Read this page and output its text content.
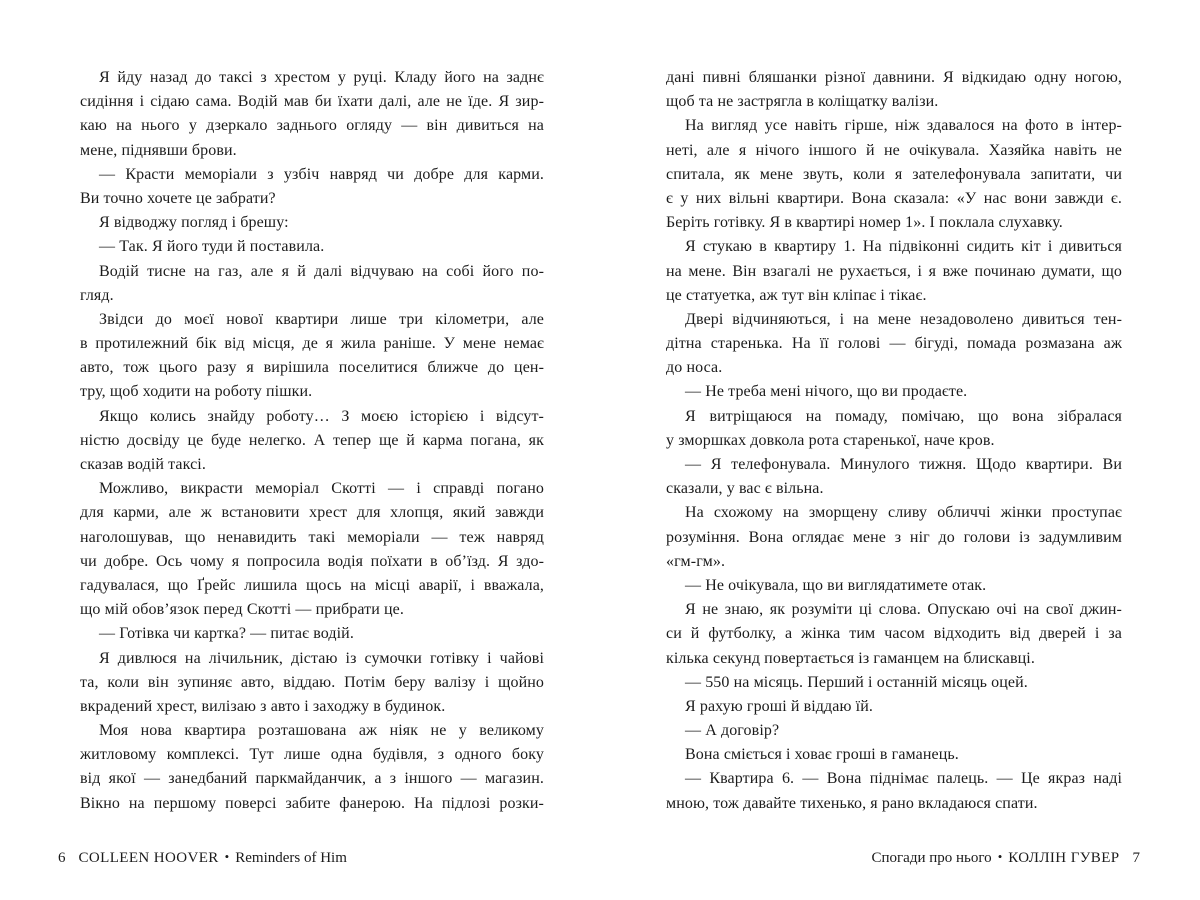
Я йду назад до таксі з хрестом у руці. Кладу його на заднє
сидіння і сідаю сама. Водій мав би їхати далі, але не їде. Я зир-
каю на нього у дзеркало заднього огляду — він дивиться на
мене, піднявши брови.
— Красти меморіали з узбіч навряд чи добре для карми.
Ви точно хочете це забрати?
Я відводжу погляд і брешу:
— Так. Я його туди й поставила.
Водій тисне на газ, але я й далі відчуваю на собі його по-
гляд.
Звідси до моєї нової квартири лише три кілометри, але
в протилежний бік від місця, де я жила раніше. У мене немає
авто, тож цього разу я вирішила поселитися ближче до цен-
тру, щоб ходити на роботу пішки.
Якщо колись знайду роботу… З моєю історією і відсут-
ністю досвіду це буде нелегко. А тепер ще й карма погана, як
сказав водій таксі.
Можливо, викрасти меморіал Скотті — і справді погано
для карми, але ж встановити хрест для хлопця, який завжди
наголошував, що ненавидить такі меморіали — теж навряд
чи добре. Ось чому я попросила водія поїхати в об’їзд. Я здо-
гадувалася, що Ґрейс лишила щось на місці аварії, і вважала,
що мій обов’язок перед Скотті — прибрати це.
— Готівка чи картка? — питає водій.
Я дивлюся на лічильник, дістаю із сумочки готівку і чайові
та, коли він зупиняє авто, віддаю. Потім беру валізу і щойно
вкрадений хрест, вилізаю з авто і заходжу в будинок.
Моя нова квартира розташована аж ніяк не у великому
житловому комплексі. Тут лише одна будівля, з одного боку
від якої — занедбаний паркмайданчик, а з іншого — магазин.
Вікно на першому поверсі забите фанерою. На підлозі розки-
дані пивні бляшанки різної давнини. Я відкидаю одну ногою,
щоб та не застрягла в коліщатку валізи.
На вигляд усе навіть гірше, ніж здавалося на фото в інтер-
неті, але я нічого іншого й не очікувала. Хазяйка навіть не
спитала, як мене звуть, коли я зателефонувала запитати, чи
є у них вільні квартири. Вона сказала: «У нас вони завжди є.
Беріть готівку. Я в квартирі номер 1». І поклала слухавку.
Я стукаю в квартиру 1. На підвіконні сидить кіт і дивиться
на мене. Він взагалі не рухається, і я вже починаю думати, що
це статуетка, аж тут він кліпає і тікає.
Двері відчиняються, і на мене незадоволено дивиться тен-
дітна старенька. На її голові — бігуді, помада розмазана аж
до носа.
— Не треба мені нічого, що ви продаєте.
Я витріщаюся на помаду, помічаю, що вона зібралася
у зморшках довкола рота старенької, наче кров.
— Я телефонувала. Минулого тижня. Щодо квартири. Ви
сказали, у вас є вільна.
На схожому на зморщену сливу обличчі жінки проступає
розуміння. Вона оглядає мене з ніг до голови із задумливим
«гм-гм».
— Не очікувала, що ви виглядатимете отак.
Я не знаю, як розуміти ці слова. Опускаю очі на свої джин-
си й футболку, а жінка тим часом відходить від дверей і за
кілька секунд повертається із гаманцем на блискавці.
— 550 на місяць. Перший і останній місяць оцей.
Я рахую гроші й віддаю їй.
— А договір?
Вона сміється і ховає гроші в гаманець.
— Квартира 6. — Вона піднімає палець. — Це якраз наді
мною, тож давайте тихенько, я рано вкладаюся спати.
6 COLLEEN HOOVER • Reminders of Him	Спогади про нього • КОЛЛІН ГУВЕР 7
